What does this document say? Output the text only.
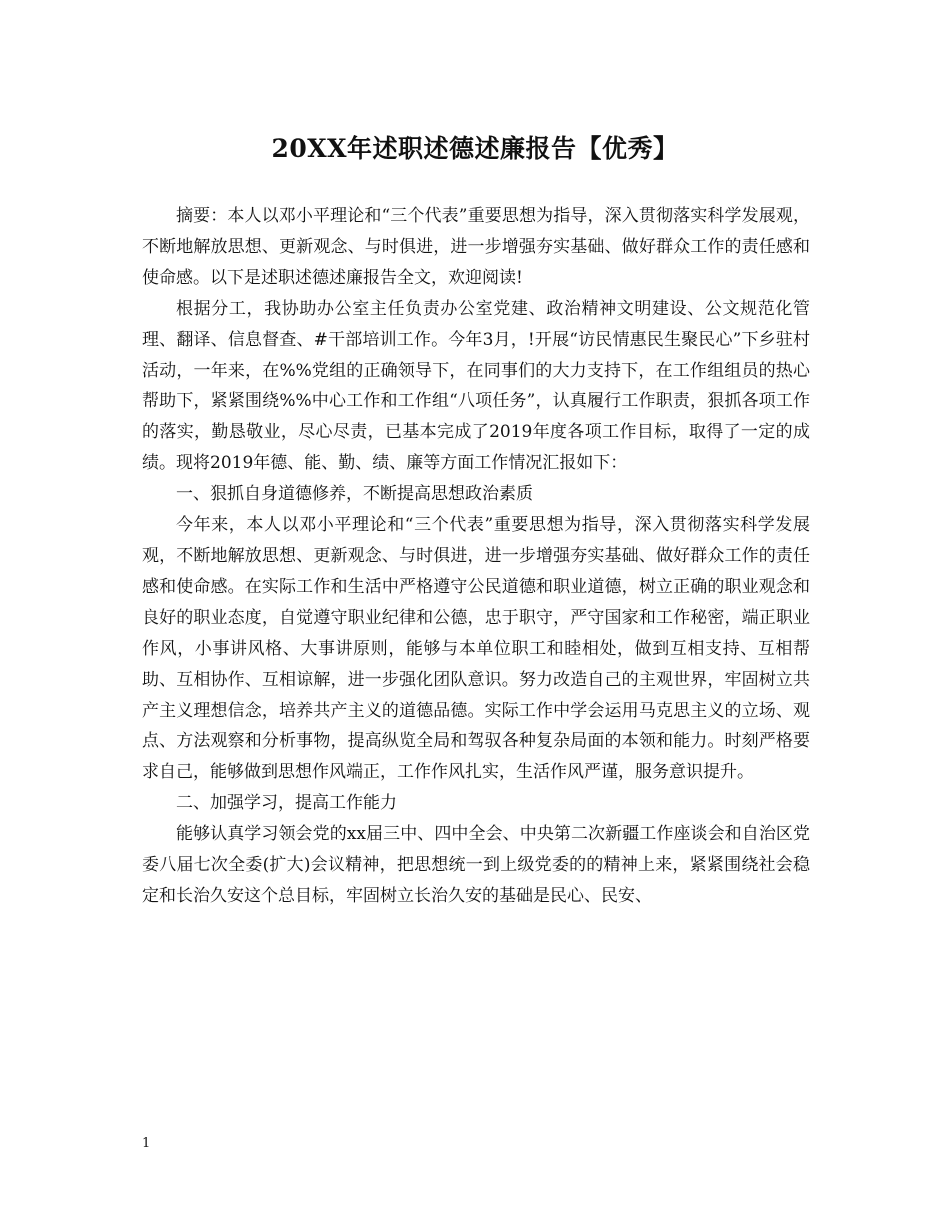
20XX年述职述德述廉报告【优秀】

摘要：本人以邓小平理论和“三个代表”重要思想为指导，深入贯彻落实科学发展观，不断地解放思想、更新观念、与时俱进，进一步增强夯实基础、做好群众工作的责任感和使命感。以下是述职述德述廉报告全文，欢迎阅读!

根据分工，我协助办公室主任负责办公室党建、政治精神文明建设、公文规范化管理、翻译、信息督查、#干部培训工作。今年3月，!开展“访民情惠民生聚民心”下乡驻村活动，一年来，在%%党组的正确领导下，在同事们的大力支持下，在工作组组员的热心帮助下，紧紧围绕%%中心工作和工作组“八项任务”，认真履行工作职责，狠抓各项工作的落实，勤恳敬业，尽心尽责，已基本完成了2019年度各项工作目标，取得了一定的成绩。现将2019年德、能、勤、绩、廉等方面工作情况汇报如下：

一、狠抓自身道德修养，不断提高思想政治素质

今年来，本人以邓小平理论和“三个代表”重要思想为指导，深入贯彻落实科学发展观，不断地解放思想、更新观念、与时俱进，进一步增强夯实基础、做好群众工作的责任感和使命感。在实际工作和生活中严格遵守公民道德和职业道德，树立正确的职业观念和良好的职业态度，自觉遵守职业纪律和公德，忠于职守，严守国家和工作秘密，端正职业作风，小事讲风格、大事讲原则，能够与本单位职工和睦相处，做到互相支持、互相帮助、互相协作、互相谅解，进一步强化团队意识。努力改造自己的主观世界，牢固树立共产主义理想信念，培养共产主义的道德品德。实际工作中学会运用马克思主义的立场、观点、方法观察和分析事物，提高纵览全局和驾驭各种复杂局面的本领和能力。时刻严格要求自己，能够做到思想作风端正，工作作风扎实，生活作风严谨，服务意识提升。

二、加强学习，提高工作能力

能够认真学习领会党的xx届三中、四中全会、中央第二次新疆工作座谈会和自治区党委八届七次全委(扩大)会议精神，把思想统一到上级党委的的精神上来，紧紧围绕社会稳定和长治久安这个总目标，牢固树立长治久安的基础是民心、民安、

1
